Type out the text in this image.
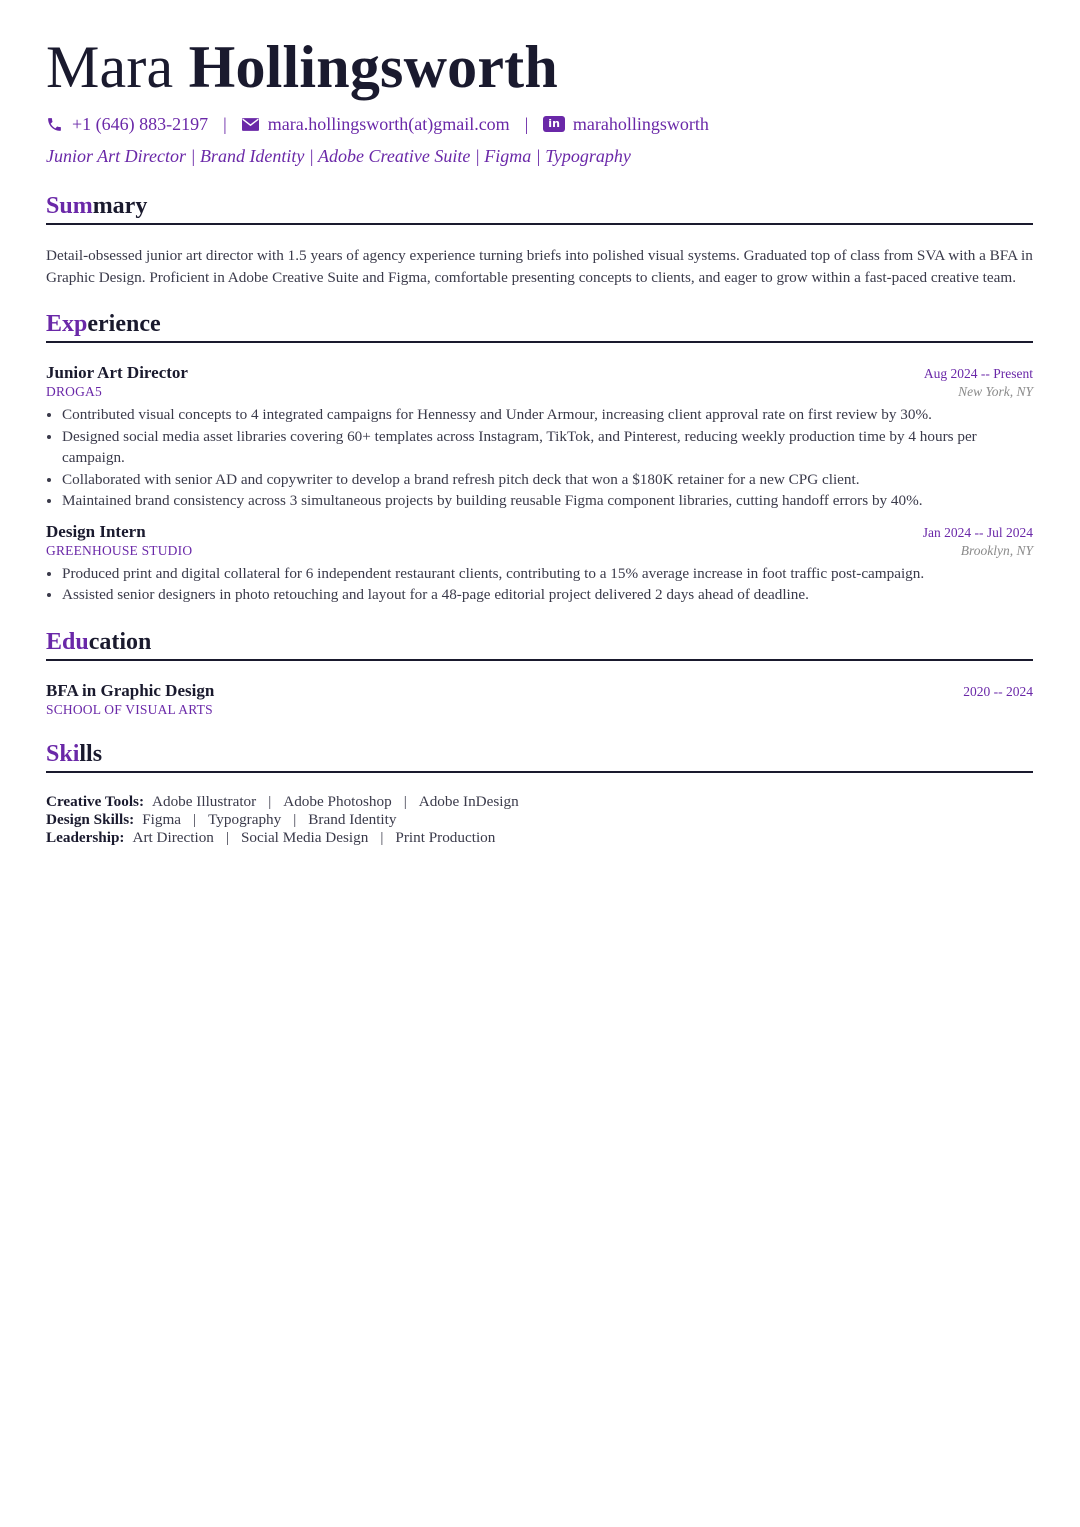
Mara Hollingsworth
+1 (646) 883-2197 | mara.hollingsworth(at)gmail.com |	in marahollingsworth
Junior Art Director | Brand Identity | Adobe Creative Suite | Figma | Typography
Summary
Detail-obsessed junior art director with 1.5 years of agency experience turning briefs into polished visual systems. Graduated top of class from SVA with a BFA in Graphic Design. Proficient in Adobe Creative Suite and Figma, comfortable presenting concepts to clients, and eager to grow within a fast-paced creative team.
Experience
Junior Art Director	Aug 2024 -- Present
DROGA5	New York, NY
• Contributed visual concepts to 4 integrated campaigns for Hennessy and Under Armour, increasing client approval rate on first review by 30%.
• Designed social media asset libraries covering 60+ templates across Instagram, TikTok, and Pinterest, reducing weekly production time by 4 hours per campaign.
• Collaborated with senior AD and copywriter to develop a brand refresh pitch deck that won a $180K retainer for a new CPG client.
• Maintained brand consistency across 3 simultaneous projects by building reusable Figma component libraries, cutting handoff errors by 40%.
Design Intern	Jan 2024 -- Jul 2024
GREENHOUSE STUDIO	Brooklyn, NY
• Produced print and digital collateral for 6 independent restaurant clients, contributing to a 15% average increase in foot traffic post-campaign.
• Assisted senior designers in photo retouching and layout for a 48-page editorial project delivered 2 days ahead of deadline.
Education
BFA in Graphic Design	2020 -- 2024
SCHOOL OF VISUAL ARTS
Skills
Creative Tools: Adobe Illustrator | Adobe Photoshop | Adobe InDesign
Design Skills: Figma | Typography | Brand Identity
Leadership: Art Direction | Social Media Design | Print Production
